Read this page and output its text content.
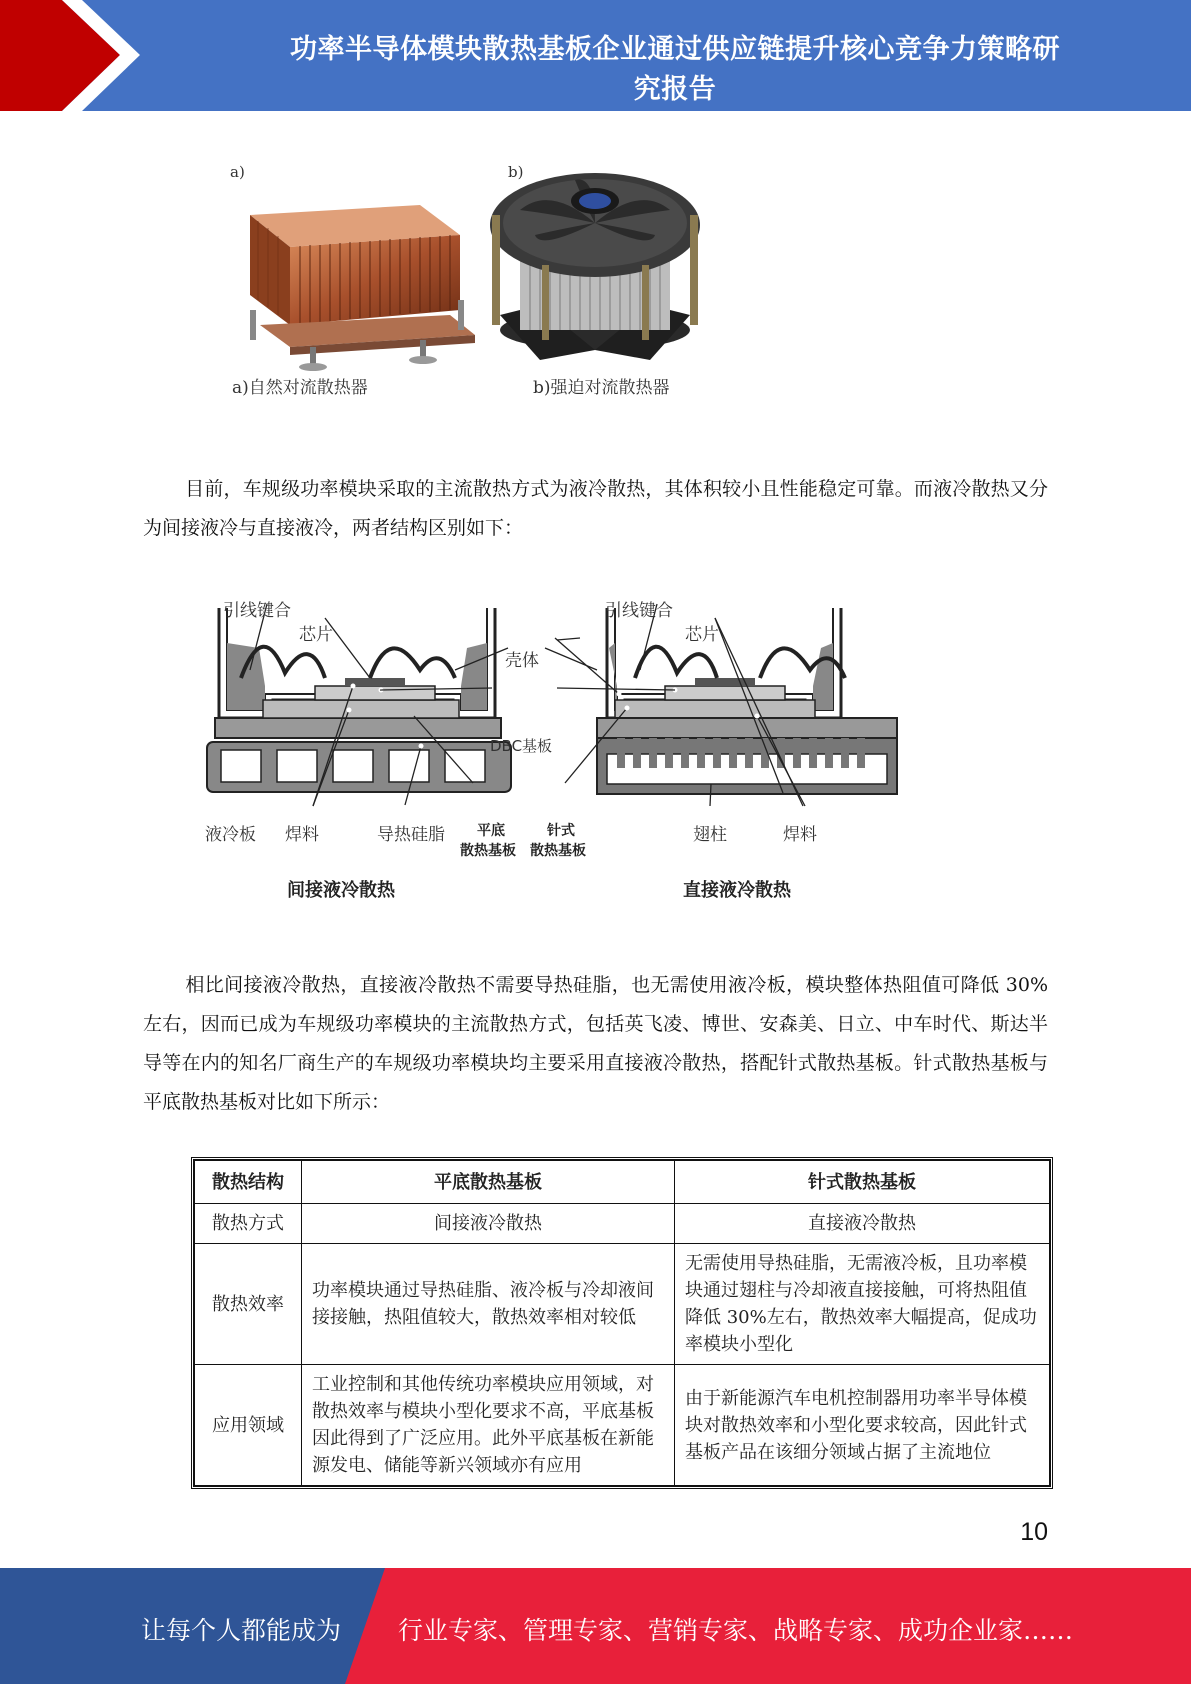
功率半导体模块散热基板企业通过供应链提升核心竞争力策略研
究报告
a)	b)
a)自然对流散热器	b)强迫对流散热器
目前，车规级功率模块采取的主流散热方式为液冷散热，其体积较小且性能稳定可靠。而液冷散热又分为间接液冷与直接液冷，两者结构区别如下：
引线键合
芯片
壳体
DBC基板
引线键合
芯片
液冷板 焊料	导热硅脂 平底
散热基板
针式
散热基板
翅柱	焊料
间接液冷散热	直接液冷散热
相比间接液冷散热，直接液冷散热不需要导热硅脂，也无需使用液冷板，模块整体热阻值可降低 30%左右，因而已成为车规级功率模块的主流散热方式，包括英飞凌、博世、安森美、日立、中车时代、斯达半导等在内的知名厂商生产的车规级功率模块均主要采用直接液冷散热，搭配针式散热基板。针式散热基板与平底散热基板对比如下所示：
散热结构	平底散热基板	针式散热基板
散热方式	间接液冷散热	直接液冷散热
散热效率	功率模块通过导热硅脂、液冷板与冷却液间接接触，热阻值较大，散热效率相对较低	无需使用导热硅脂，无需液冷板，且功率模块通过翅柱与冷却液直接接触，可将热阻值降低 30%左右，散热效率大幅提高，促成功率模块小型化
应用领域	工业控制和其他传统功率模块应用领域，对散热效率与模块小型化要求不高，平底基板因此得到了广泛应用。此外平底基板在新能源发电、储能等新兴领域亦有应用	由于新能源汽车电机控制器用功率半导体模块对散热效率和小型化要求较高，因此针式基板产品在该细分领域占据了主流地位
10
让每个人都能成为 行业专家、管理专家、营销专家、战略专家、成功企业家……
